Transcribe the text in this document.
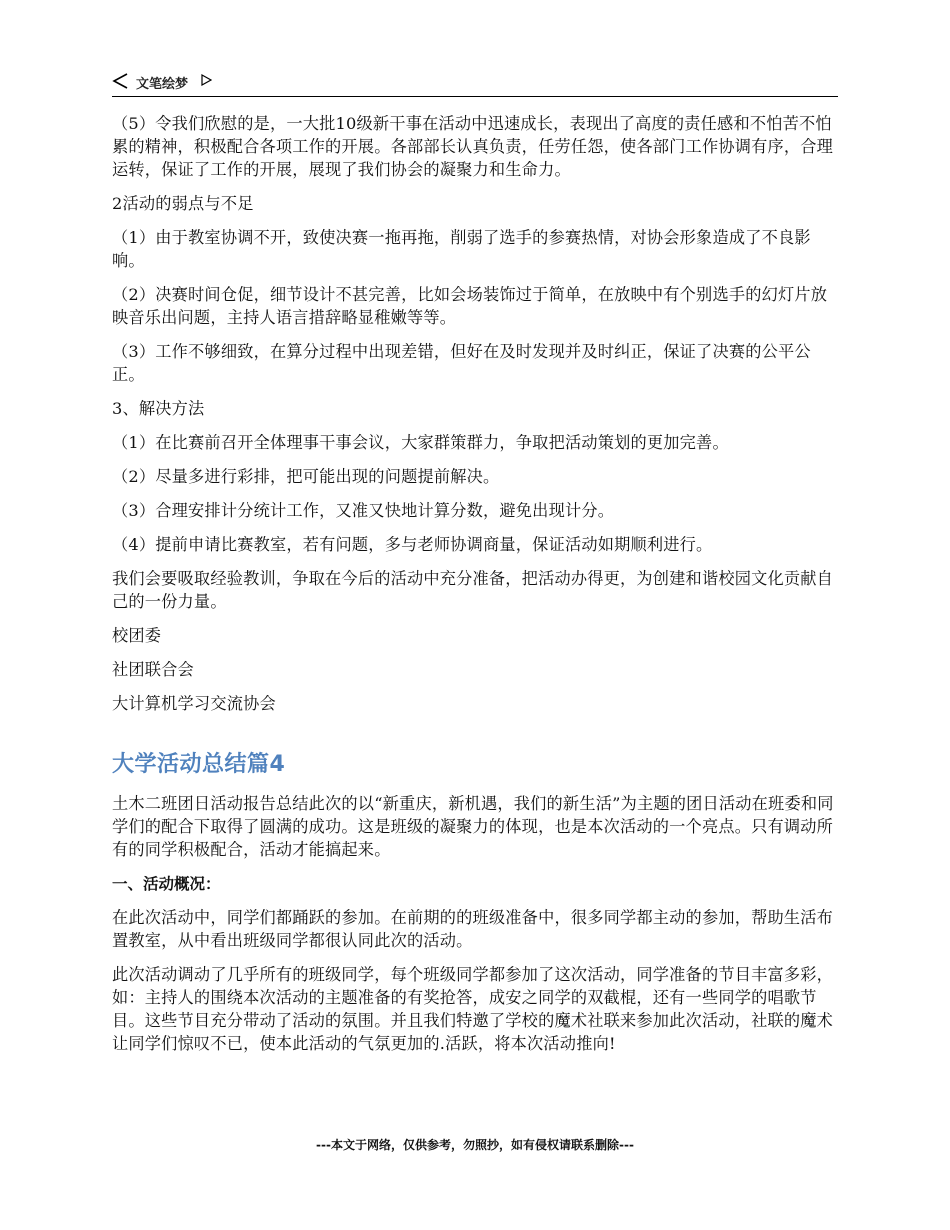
文笔绘梦

（5）令我们欣慰的是，一大批10级新干事在活动中迅速成长，表现出了高度的责任感和不怕苦不怕累的精神，积极配合各项工作的开展。各部部长认真负责，任劳任怨，使各部门工作协调有序，合理运转，保证了工作的开展，展现了我们协会的凝聚力和生命力。

2活动的弱点与不足

（1）由于教室协调不开，致使决赛一拖再拖，削弱了选手的参赛热情，对协会形象造成了不良影响。

（2）决赛时间仓促，细节设计不甚完善，比如会场装饰过于简单，在放映中有个别选手的幻灯片放映音乐出问题，主持人语言措辞略显稚嫩等等。

（3）工作不够细致，在算分过程中出现差错，但好在及时发现并及时纠正，保证了决赛的公平公正。

3、解决方法

（1）在比赛前召开全体理事干事会议，大家群策群力，争取把活动策划的更加完善。

（2）尽量多进行彩排，把可能出现的问题提前解决。

（3）合理安排计分统计工作，又准又快地计算分数，避免出现计分。

（4）提前申请比赛教室，若有问题，多与老师协调商量，保证活动如期顺利进行。

我们会要吸取经验教训，争取在今后的活动中充分准备，把活动办得更，为创建和谐校园文化贡献自己的一份力量。

校团委

社团联合会

大计算机学习交流协会

大学活动总结篇4

土木二班团日活动报告总结此次的以“新重庆，新机遇，我们的新生活”为主题的团日活动在班委和同学们的配合下取得了圆满的成功。这是班级的凝聚力的体现，也是本次活动的一个亮点。只有调动所有的同学积极配合，活动才能搞起来。

一、活动概况：

在此次活动中，同学们都踊跃的参加。在前期的的班级准备中，很多同学都主动的参加，帮助生活布置教室，从中看出班级同学都很认同此次的活动。

此次活动调动了几乎所有的班级同学，每个班级同学都参加了这次活动，同学准备的节目丰富多彩，如：主持人的围绕本次活动的主题准备的有奖抢答，成安之同学的双截棍，还有一些同学的唱歌节目。这些节目充分带动了活动的氛围。并且我们特邀了学校的魔术社联来参加此次活动，社联的魔术让同学们惊叹不已，使本此活动的气氛更加的.活跃，将本次活动推向!

---本文于网络，仅供参考，勿照抄，如有侵权请联系删除---
